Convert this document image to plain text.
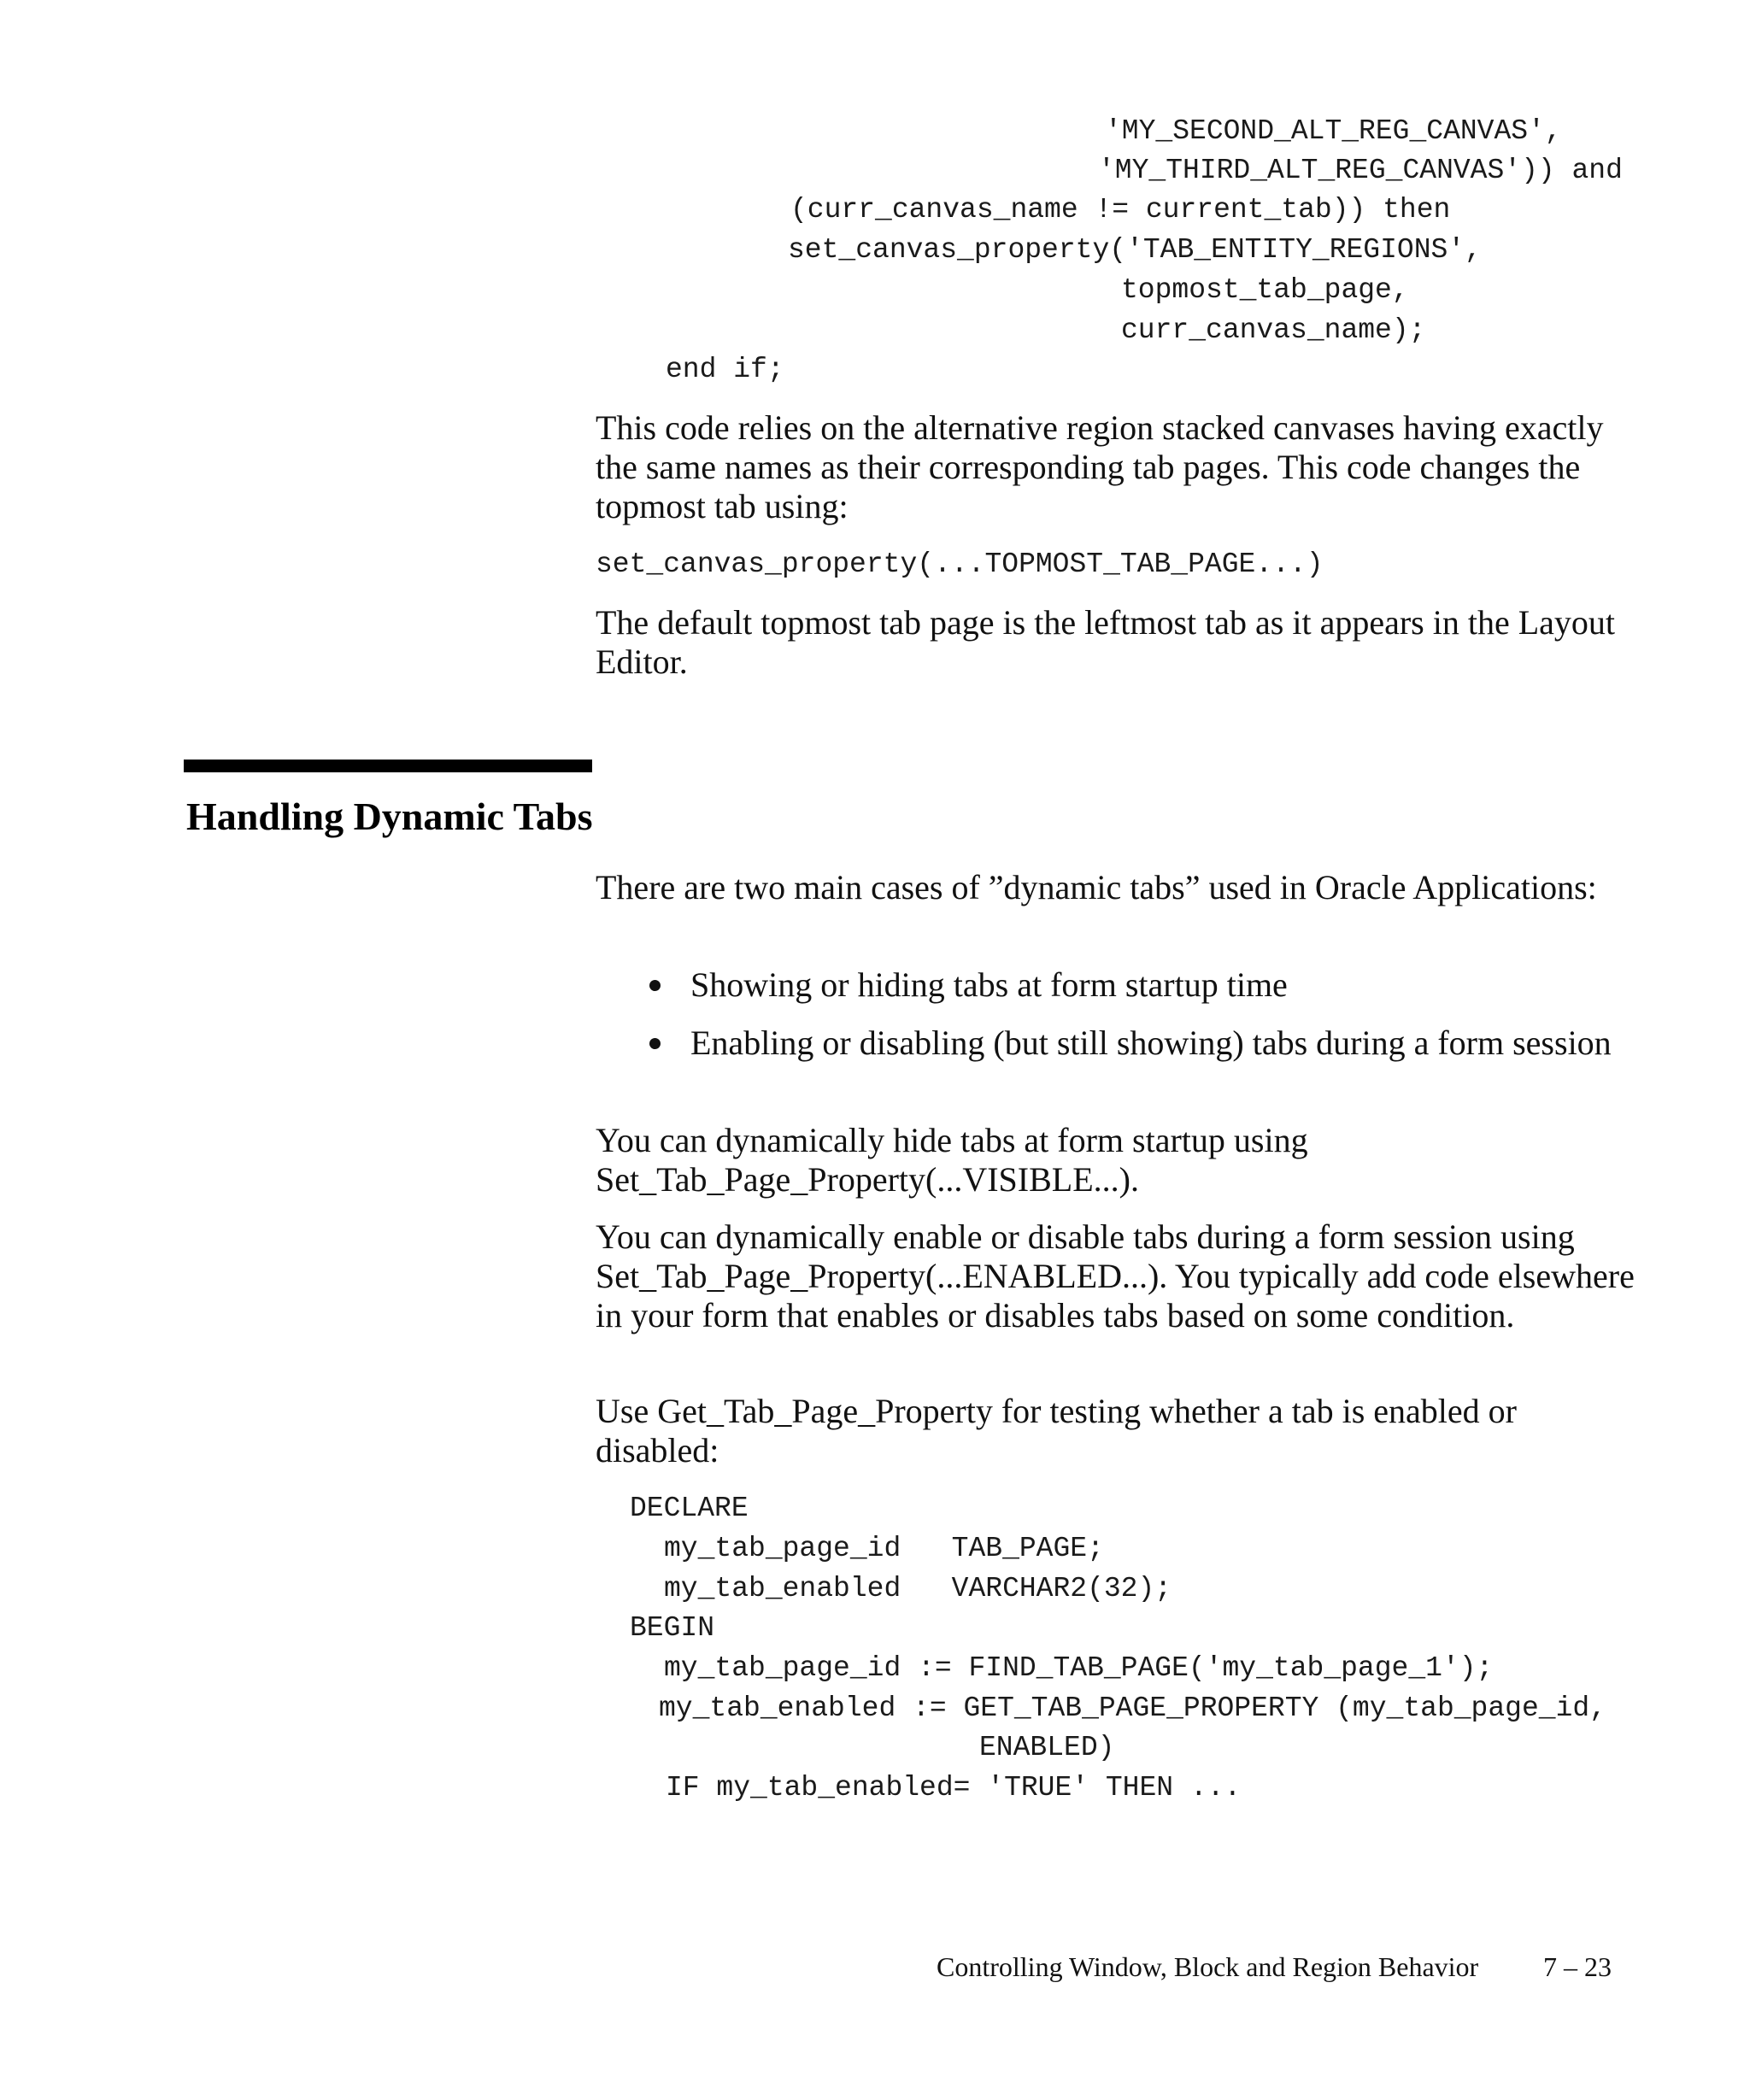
'MY_SECOND_ALT_REG_CANVAS',
'MY_THIRD_ALT_REG_CANVAS')) and
(curr_canvas_name != current_tab)) then
set_canvas_property('TAB_ENTITY_REGIONS',
topmost_tab_page,
curr_canvas_name);
end if;

This code relies on the alternative region stacked canvases having exactly the same names as their corresponding tab pages. This code changes the topmost tab using:

set_canvas_property(...TOPMOST_TAB_PAGE...)

The default topmost tab page is the leftmost tab as it appears in the Layout Editor.

Handling Dynamic Tabs

There are two main cases of ”dynamic tabs” used in Oracle Applications:

Showing or hiding tabs at form startup time
Enabling or disabling (but still showing) tabs during a form session

You can dynamically hide tabs at form startup using Set_Tab_Page_Property(...VISIBLE...).

You can dynamically enable or disable tabs during a form session using Set_Tab_Page_Property(...ENABLED...). You typically add code elsewhere in your form that enables or disables tabs based on some condition.

Use Get_Tab_Page_Property for testing whether a tab is enabled or disabled:

DECLARE
my_tab_page_id   TAB_PAGE;
my_tab_enabled   VARCHAR2(32);
BEGIN
my_tab_page_id := FIND_TAB_PAGE('my_tab_page_1');
my_tab_enabled := GET_TAB_PAGE_PROPERTY (my_tab_page_id,
ENABLED)
IF my_tab_enabled= 'TRUE' THEN ...

Controlling Window, Block and Region Behavior 7 – 23
